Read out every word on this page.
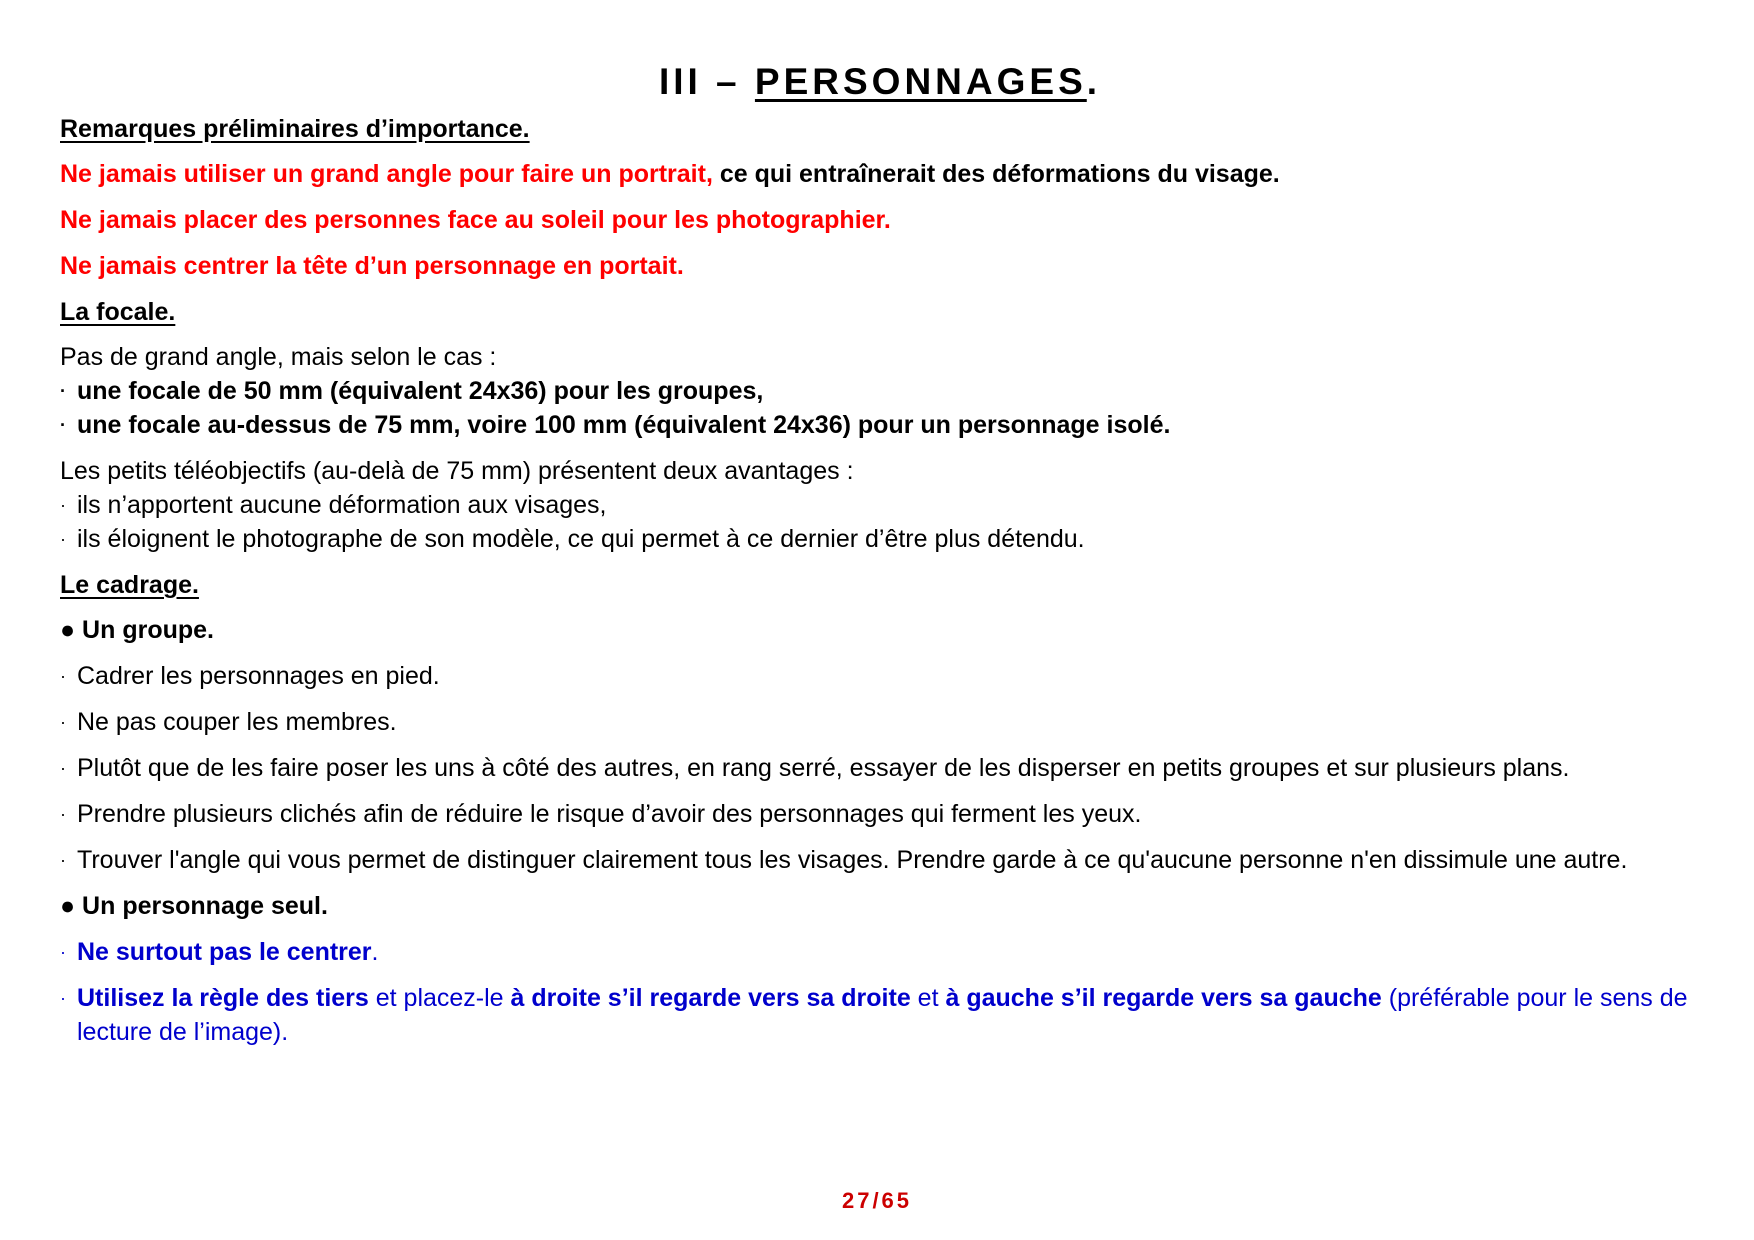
III – PERSONNAGES.
Remarques préliminaires d’importance.
Ne jamais utiliser un grand angle pour faire un portrait, ce qui entraînerait des déformations du visage.
Ne jamais placer des personnes face au soleil pour les photographier.
Ne jamais centrer la tête d’un personnage en portait.
La focale.
Pas de grand angle, mais selon le cas :
· une focale de 50 mm (équivalent 24x36) pour les groupes,
· une focale au-dessus de 75 mm, voire 100 mm (équivalent 24x36) pour un personnage isolé.
Les petits téléobjectifs (au-delà de 75 mm) présentent deux avantages :
· ils n’apportent aucune déformation aux visages,
· ils éloignent le photographe de son modèle, ce qui permet à ce dernier d’être plus détendu.
Le cadrage.
● Un groupe.
· Cadrer les personnages en pied.
· Ne pas couper les membres.
· Plutôt que de les faire poser les uns à côté des autres, en rang serré, essayer de les disperser en petits groupes et sur plusieurs plans.
· Prendre plusieurs clichés afin de réduire le risque d’avoir des personnages qui ferment les yeux.
· Trouver l'angle qui vous permet de distinguer clairement tous les visages. Prendre garde à ce qu'aucune personne n'en dissimule une autre.
● Un personnage seul.
· Ne surtout pas le centrer.
· Utilisez la règle des tiers et placez-le à droite s’il regarde vers sa droite et à gauche s’il regarde vers sa gauche (préférable pour le sens de lecture de l’image).
27/65
